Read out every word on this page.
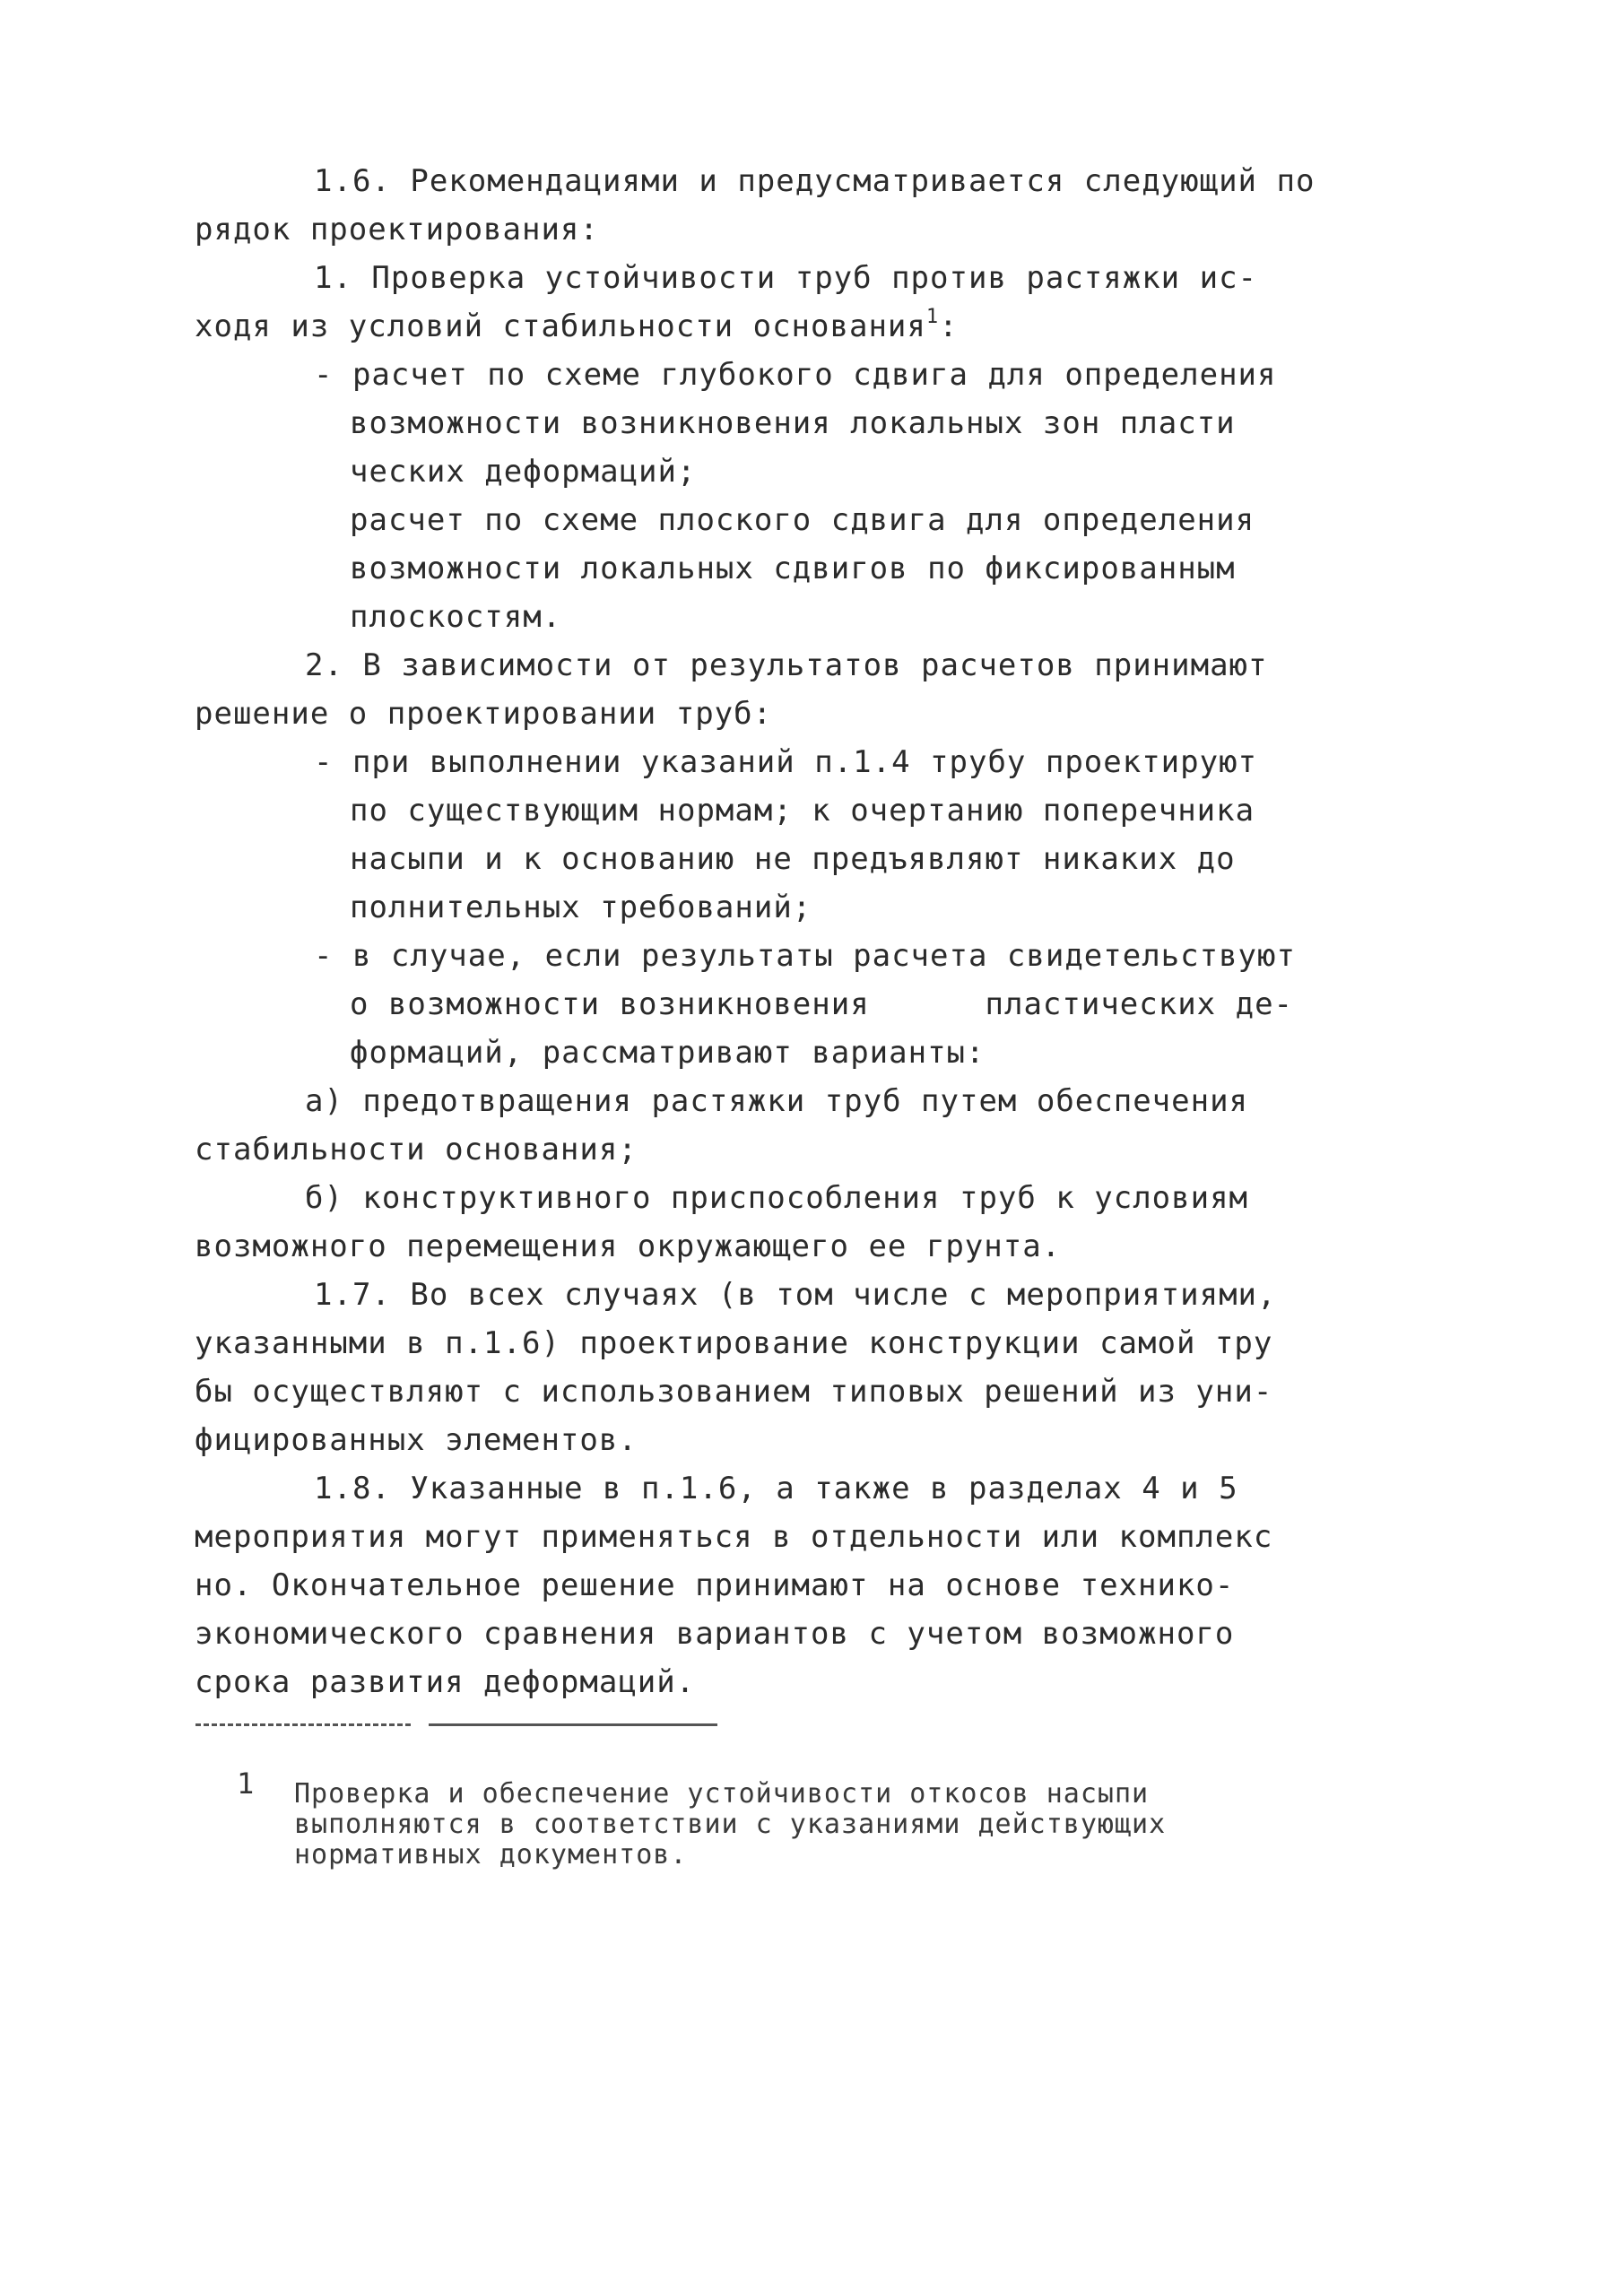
1.6. Рекомендациями и предусматривается следующий по
рядок проектирования:
1. Проверка устойчивости труб против растяжки ис-
ходя из условий стабильности основания$^1$:
- расчет по схеме глубокого сдвига для определения
возможности возникновения локальных зон пласти
ческих деформаций;
расчет по схеме плоского сдвига для определения
возможности локальных сдвигов по фиксированным
плоскостям.
2. В зависимости от результатов расчетов принимают
решение о проектировании труб:
- при выполнении указаний п.1.4 трубу проектируют
по существующим нормам; к очертанию поперечника
насыпи и к основанию не предъявляют никаких до
полнительных требований;
- в случае, если результаты расчета свидетельствуют
о возможности возникновения      пластических де-
формаций, рассматривают варианты:
а) предотвращения растяжки труб путем обеспечения
стабильности основания;
б) конструктивного приспособления труб к условиям
возможного перемещения окружающего ее грунта.
1.7. Во всех случаях (в том числе с мероприятиями,
указанными в п.1.6) проектирование конструкции самой тру
бы осуществляют с использованием типовых решений из уни-
фицированных элементов.
1.8. Указанные в п.1.6, а также в разделах 4 и 5
мероприятия могут применяться в отдельности или комплекс
но. Окончательное решение принимают на основе технико-
экономического сравнения вариантов с учетом возможного
срока развития деформаций.
1 Проверка и обеспечение устойчивости откосов насыпи
выполняются в соответствии с указаниями действующих
нормативных документов.
